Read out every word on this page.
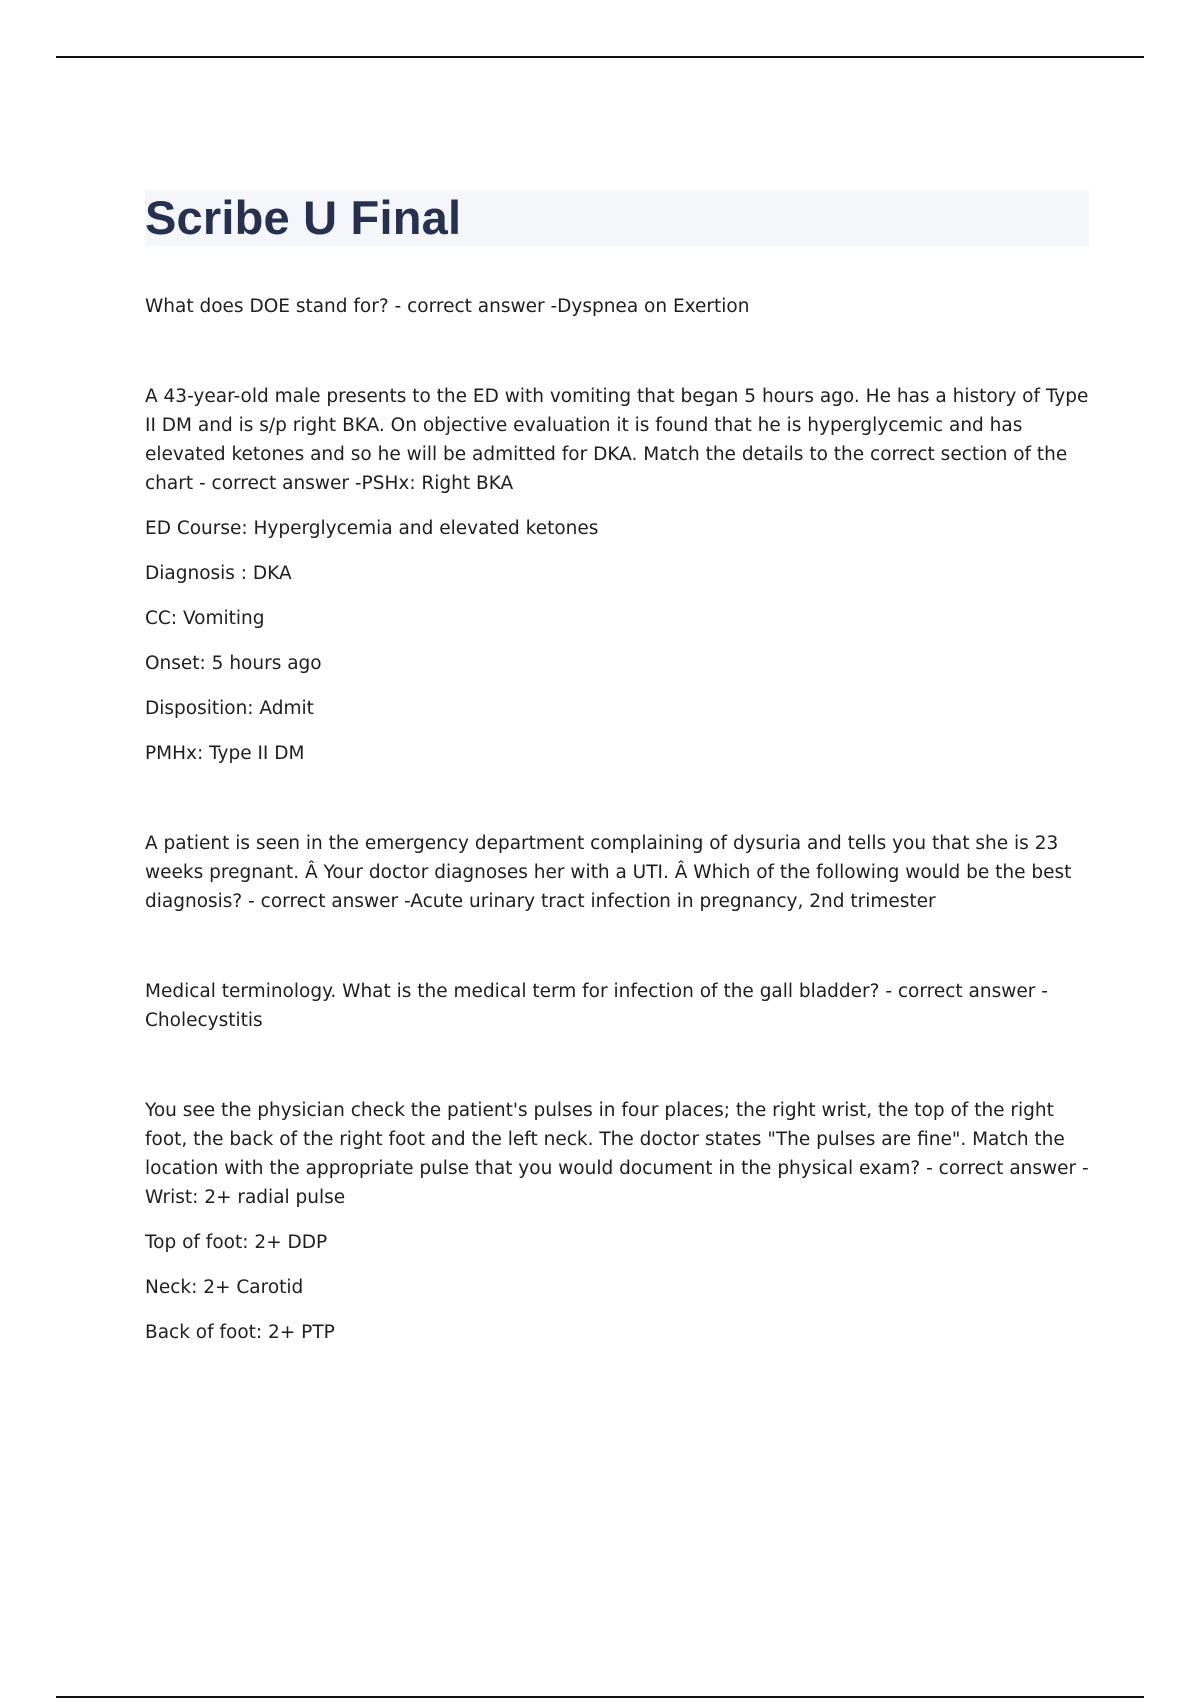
Scribe U Final

What does DOE stand for? - correct answer -Dyspnea on Exertion

A 43-year-old male presents to the ED with vomiting that began 5 hours ago. He has a history of Type II DM and is s/p right BKA. On objective evaluation it is found that he is hyperglycemic and has elevated ketones and so he will be admitted for DKA. Match the details to the correct section of the chart - correct answer -PSHx: Right BKA

ED Course: Hyperglycemia and elevated ketones

Diagnosis : DKA

CC: Vomiting

Onset: 5 hours ago

Disposition: Admit

PMHx: Type II DM

A patient is seen in the emergency department complaining of dysuria and tells you that she is 23 weeks pregnant. Â Your doctor diagnoses her with a UTI. Â Which of the following would be the best diagnosis? - correct answer -Acute urinary tract infection in pregnancy, 2nd trimester

Medical terminology. What is the medical term for infection of the gall bladder? - correct answer -Cholecystitis

You see the physician check the patient's pulses in four places; the right wrist, the top of the right foot, the back of the right foot and the left neck. The doctor states "The pulses are fine". Match the location with the appropriate pulse that you would document in the physical exam? - correct answer -Wrist: 2+ radial pulse

Top of foot: 2+ DDP

Neck: 2+ Carotid

Back of foot: 2+ PTP
